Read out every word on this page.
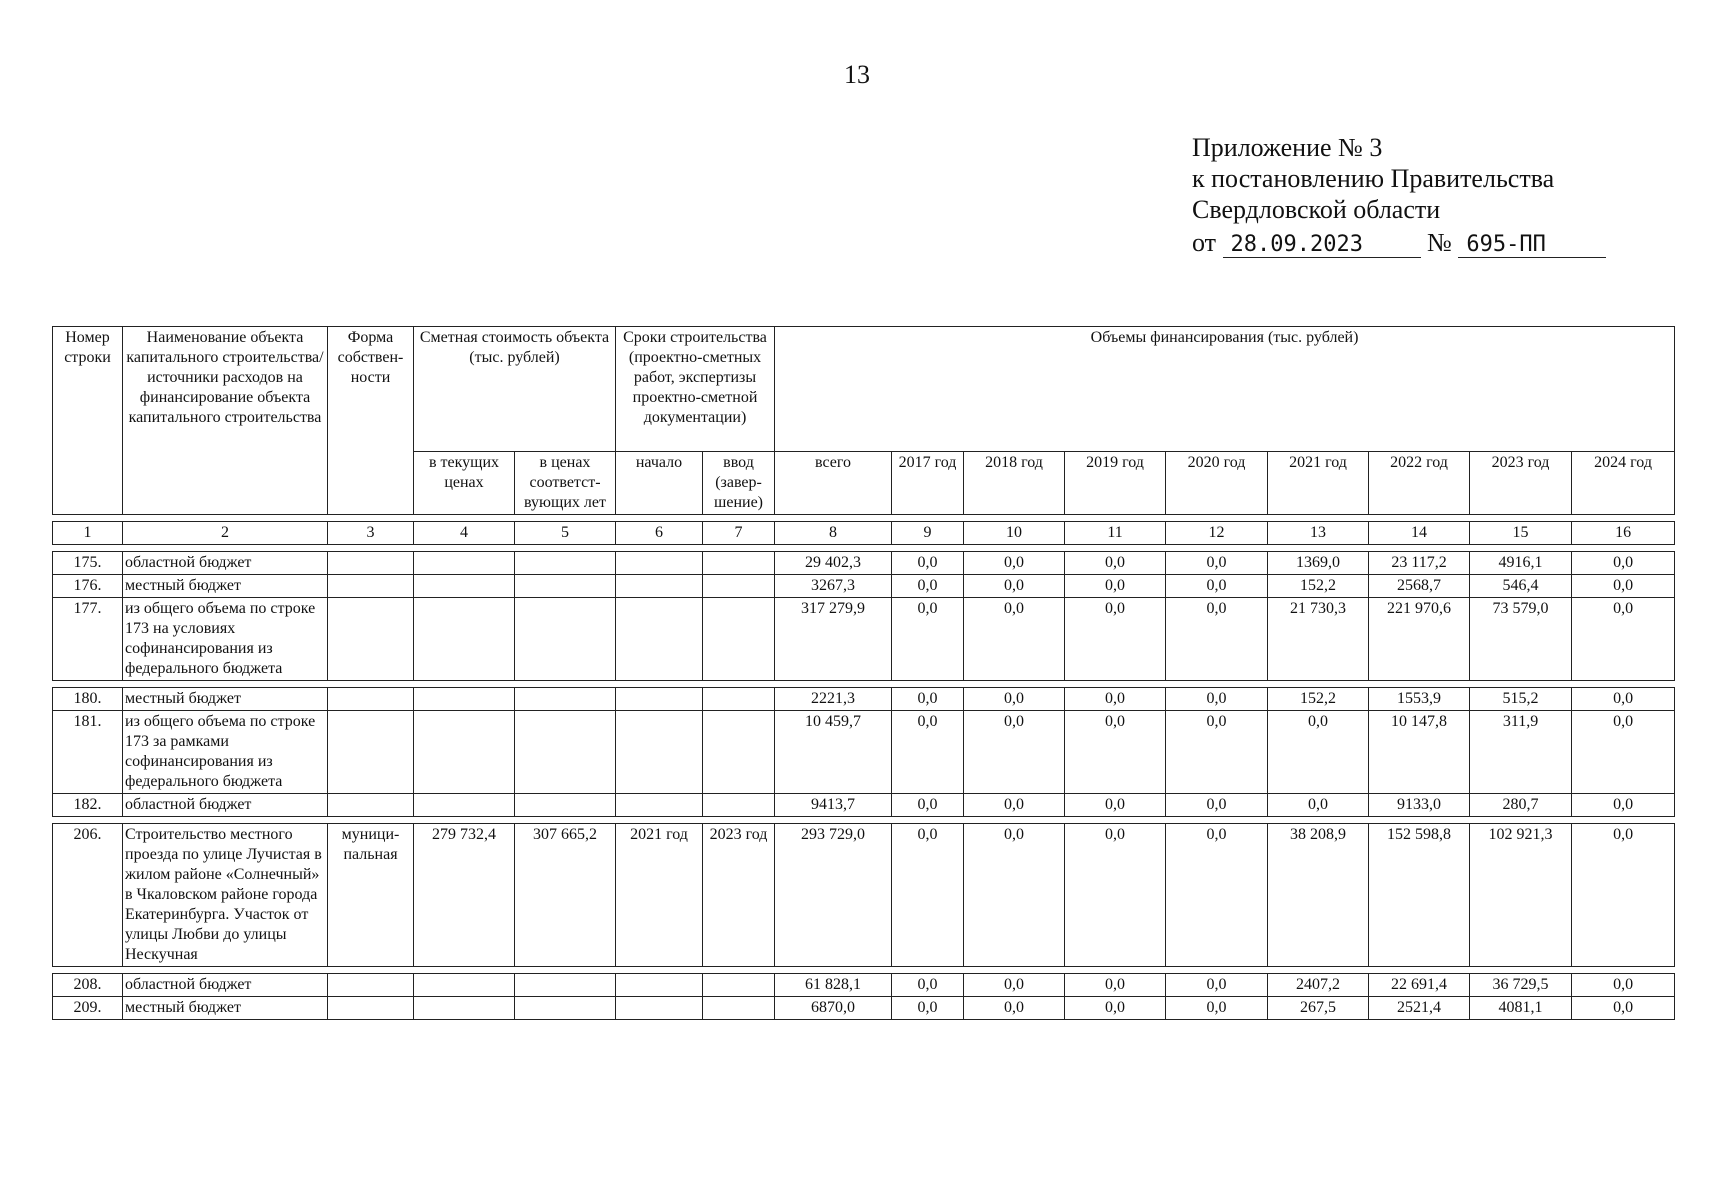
13
Приложение № 3
к постановлению Правительства
Свердловской области
от 28.09.2023 № 695-ПП
Номер строки	Наименование объекта капитального строительства/источники расходов на финансирование объекта капитального строительства	Форма собствен-ности	Сметная стоимость объекта (тыс. рублей)		Сроки строительства (проектно-сметных работ, экспертизы проектно-сметной документации)		Объемы финансирования (тыс. рублей)								
			в текущих ценах	в ценах соответст-вующих лет	начало	ввод (завер-шение)	всего	2017 год	2018 год	2019 год	2020 год	2021 год	2022 год	2023 год	2024 год

1	2	3	4	5	6	7	8	9	10	11	12	13	14	15	16

175.	областной бюджет						29 402,3	0,0	0,0	0,0	0,0	1369,0	23 117,2	4916,1	0,0
176.	местный бюджет						3267,3	0,0	0,0	0,0	0,0	152,2	2568,7	546,4	0,0
177.	из общего объема по строке 173 на условиях софинансирования из федерального бюджета						317 279,9	0,0	0,0	0,0	0,0	21 730,3	221 970,6	73 579,0	0,0

180.	местный бюджет						2221,3	0,0	0,0	0,0	0,0	152,2	1553,9	515,2	0,0
181.	из общего объема по строке 173 за рамками софинансирования из федерального бюджета						10 459,7	0,0	0,0	0,0	0,0	0,0	10 147,8	311,9	0,0
182.	областной бюджет						9413,7	0,0	0,0	0,0	0,0	0,0	9133,0	280,7	0,0

206.	Строительство местного проезда по улице Лучистая в жилом районе «Солнечный» в Чкаловском районе города Екатеринбурга. Участок от улицы Любви до улицы Нескучная	муници-пальная	279 732,4	307 665,2	2021 год	2023 год	293 729,0	0,0	0,0	0,0	0,0	38 208,9	152 598,8	102 921,3	0,0

208.	областной бюджет						61 828,1	0,0	0,0	0,0	0,0	2407,2	22 691,4	36 729,5	0,0
209.	местный бюджет						6870,0	0,0	0,0	0,0	0,0	267,5	2521,4	4081,1	0,0
